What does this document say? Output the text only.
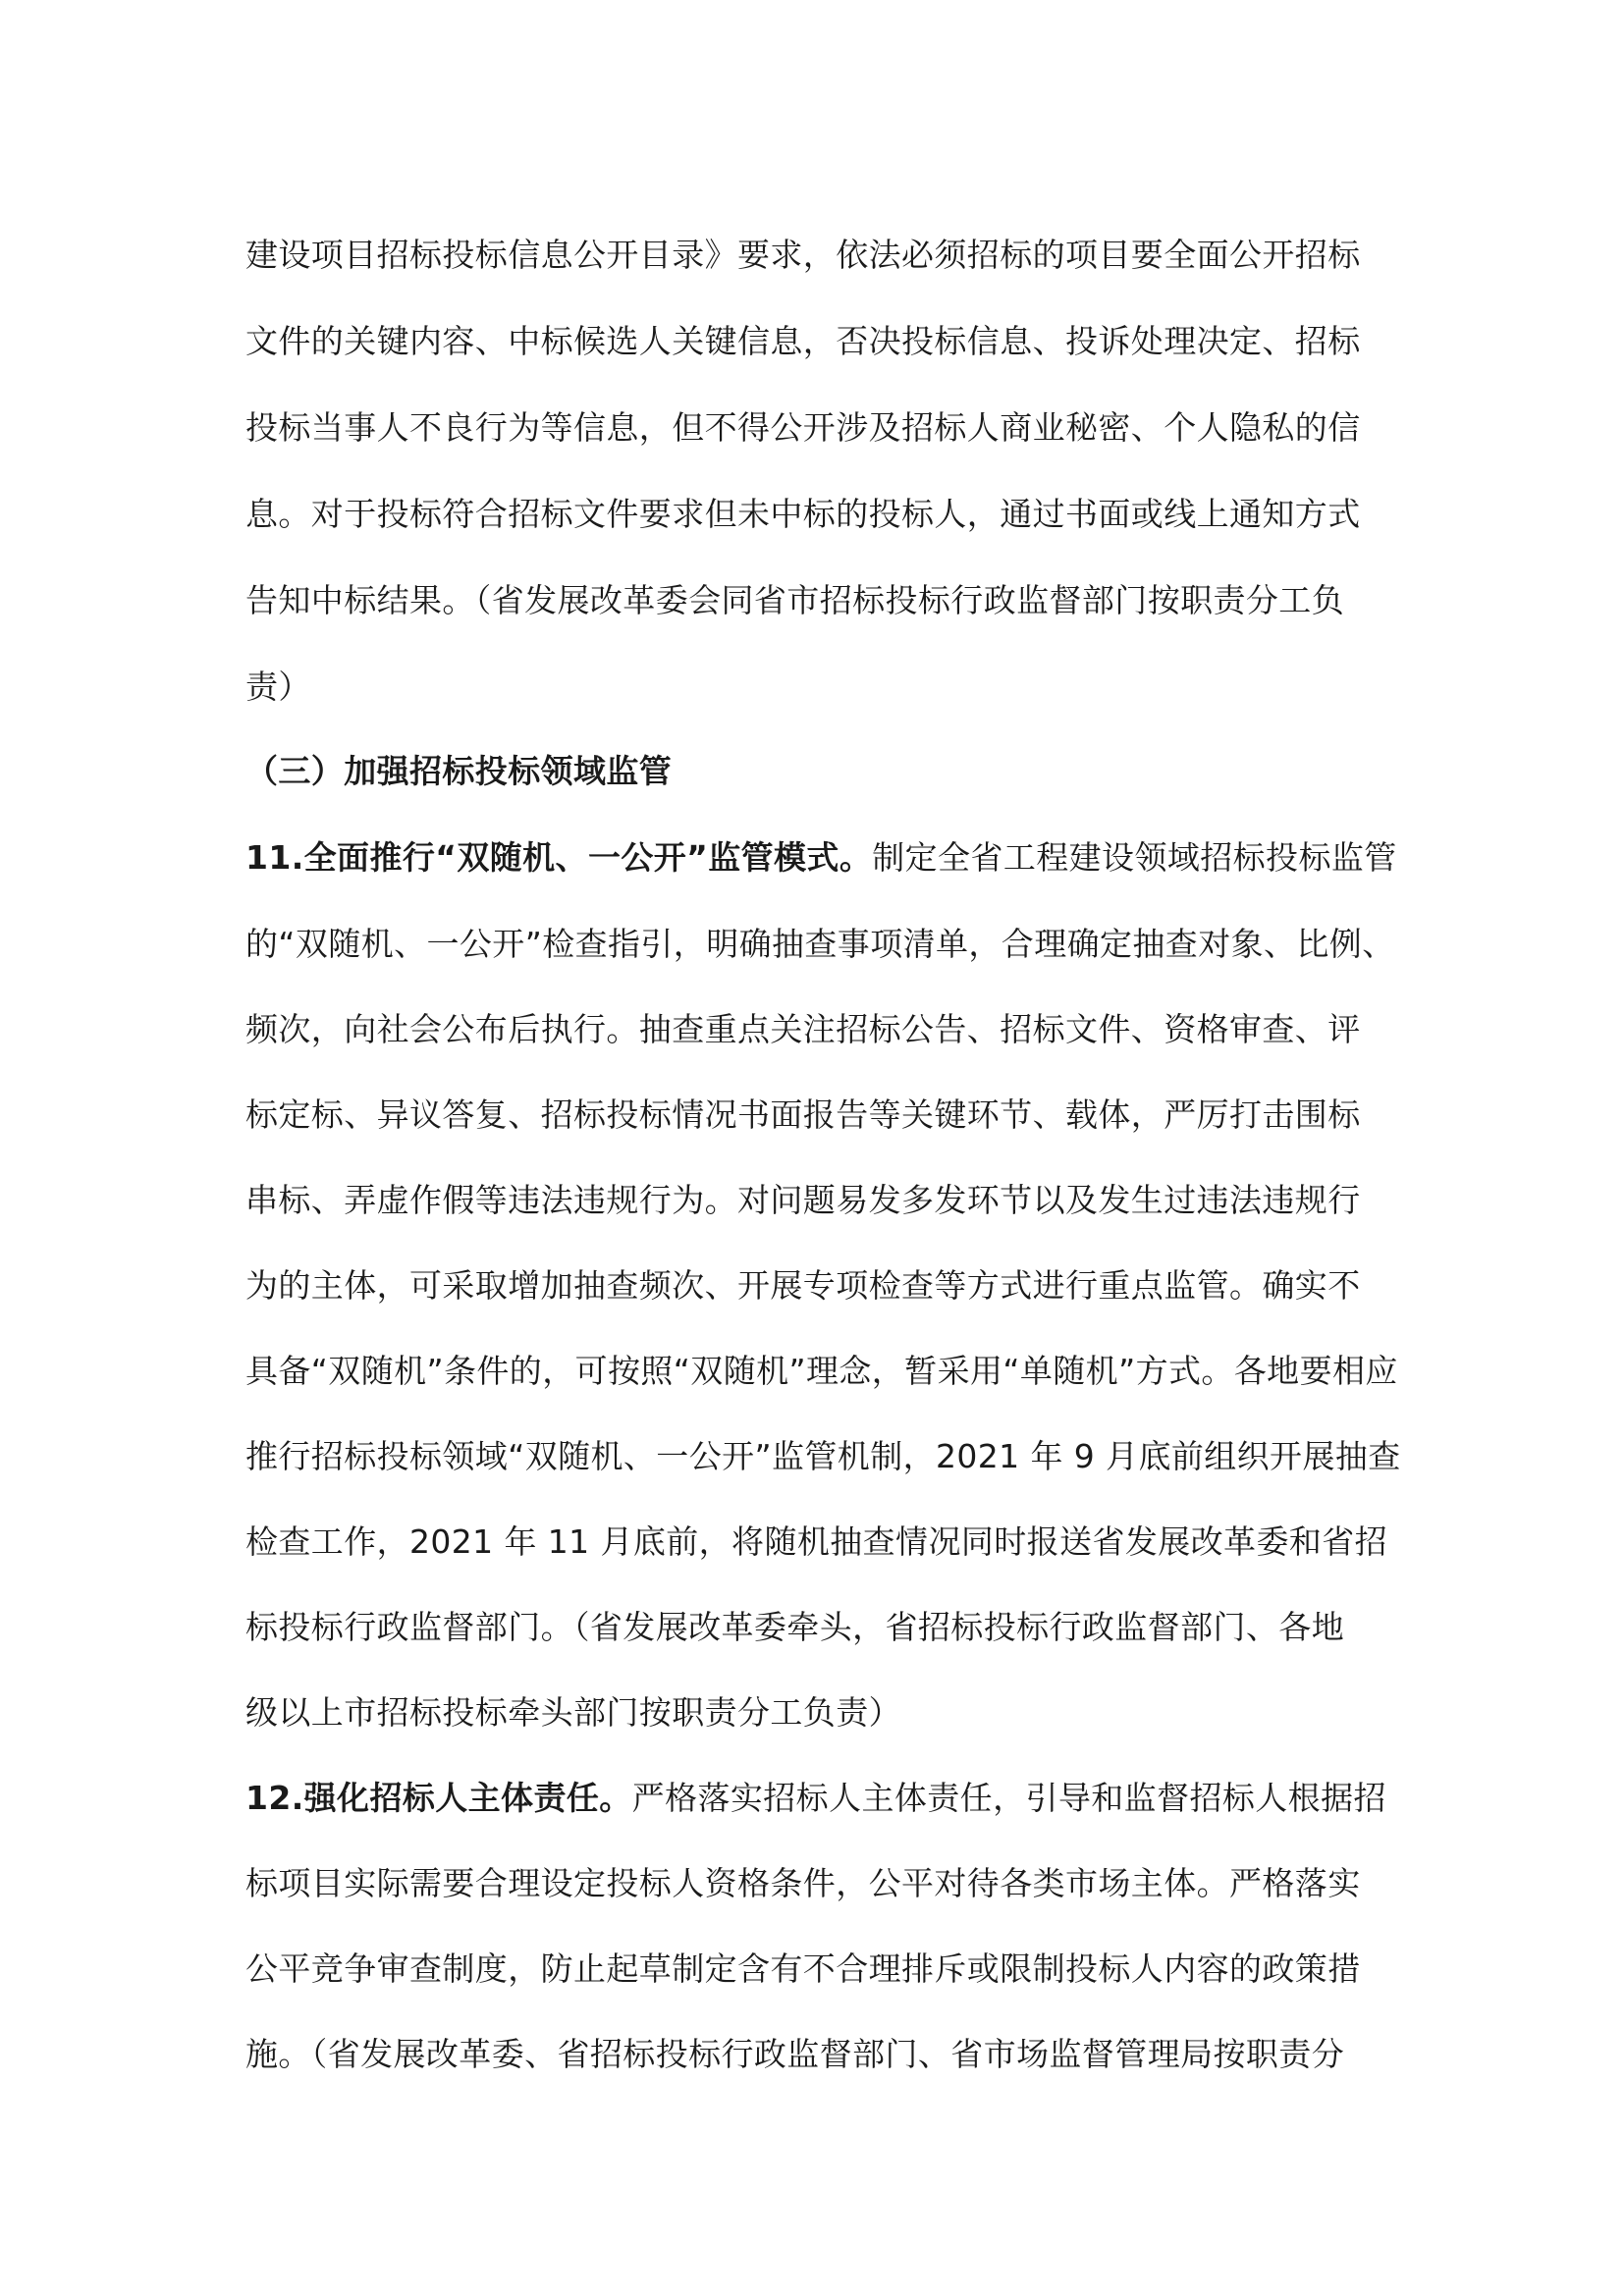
建设项目招标投标信息公开目录》要求，依法必须招标的项目要全面公开招标
文件的关键内容、中标候选人关键信息，否决投标信息、投诉处理决定、招标
投标当事人不良行为等信息，但不得公开涉及招标人商业秘密、个人隐私的信
息。对于投标符合招标文件要求但未中标的投标人，通过书面或线上通知方式
告知中标结果。（省发展改革委会同省市招标投标行政监督部门按职责分工负
责）
（三）加强招标投标领域监管
11.全面推行“双随机、一公开”监管模式。制定全省工程建设领域招标投标监管
的“双随机、一公开”检查指引，明确抽查事项清单，合理确定抽查对象、比例、
频次，向社会公布后执行。抽查重点关注招标公告、招标文件、资格审查、评
标定标、异议答复、招标投标情况书面报告等关键环节、载体，严厉打击围标
串标、弄虚作假等违法违规行为。对问题易发多发环节以及发生过违法违规行
为的主体，可采取增加抽查频次、开展专项检查等方式进行重点监管。确实不
具备“双随机”条件的，可按照“双随机”理念，暂采用“单随机”方式。各地要相应
推行招标投标领域“双随机、一公开”监管机制，2021 年 9 月底前组织开展抽查
检查工作，2021 年 11 月底前，将随机抽查情况同时报送省发展改革委和省招
标投标行政监督部门。（省发展改革委牵头，省招标投标行政监督部门、各地
级以上市招标投标牵头部门按职责分工负责）
12.强化招标人主体责任。严格落实招标人主体责任，引导和监督招标人根据招
标项目实际需要合理设定投标人资格条件，公平对待各类市场主体。严格落实
公平竞争审查制度，防止起草制定含有不合理排斥或限制投标人内容的政策措
施。（省发展改革委、省招标投标行政监督部门、省市场监督管理局按职责分
